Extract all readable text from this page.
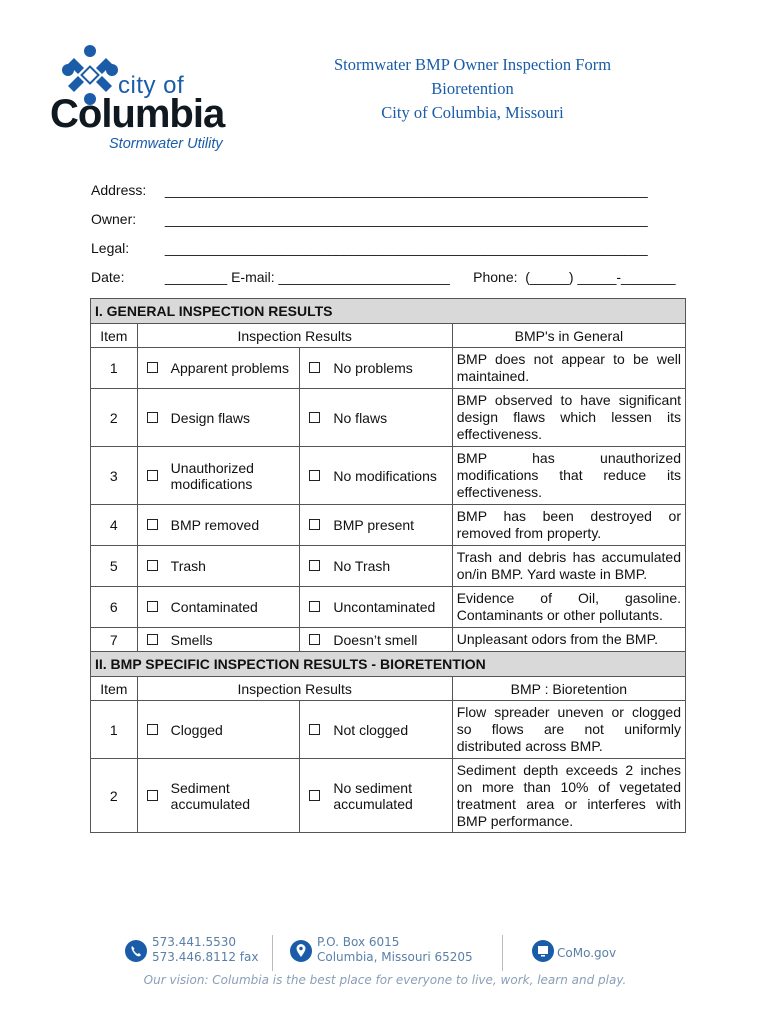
city of
Columbia
Stormwater Utility
Stormwater BMP Owner Inspection Form
Bioretention
City of Columbia, Missouri
Address: ______________________________________________________________
Owner: ______________________________________________________________
Legal:	______________________________________________________________
Date:	________ E-mail: ______________________      Phone:  (_____) _____-_______
I. GENERAL INSPECTION RESULTS					
Item	Inspection Results				BMP's in General
1		Apparent problems		No problems	BMP does not appear to be well maintained.
2		Design flaws		No flaws	BMP observed to have significant design flaws which lessen its effectiveness.
3		Unauthorized modifications		No modifications	BMP has unauthorized modifications that reduce its effectiveness.
4		BMP removed		BMP present	BMP has been destroyed or removed from property.
5		Trash		No Trash	Trash and debris has accumulated on/in BMP. Yard waste in BMP.
6		Contaminated		Uncontaminated	Evidence of Oil, gasoline. Contaminants or other pollutants.
7		Smells		Doesn’t smell	Unpleasant odors from the BMP.
II. BMP SPECIFIC INSPECTION RESULTS - BIORETENTION					
Item	Inspection Results				BMP : Bioretention
1		Clogged		Not clogged	Flow spreader uneven or clogged so flows are not uniformly distributed across BMP.
2		Sediment accumulated		No sediment accumulated	Sediment depth exceeds 2 inches on more than 10% of vegetated treatment area or interferes with BMP performance.
573.441.5530
573.446.8112 fax
P.O. Box 6015
Columbia, Missouri 65205	CoMo.gov
Our vision: Columbia is the best place for everyone to live, work, learn and play.
